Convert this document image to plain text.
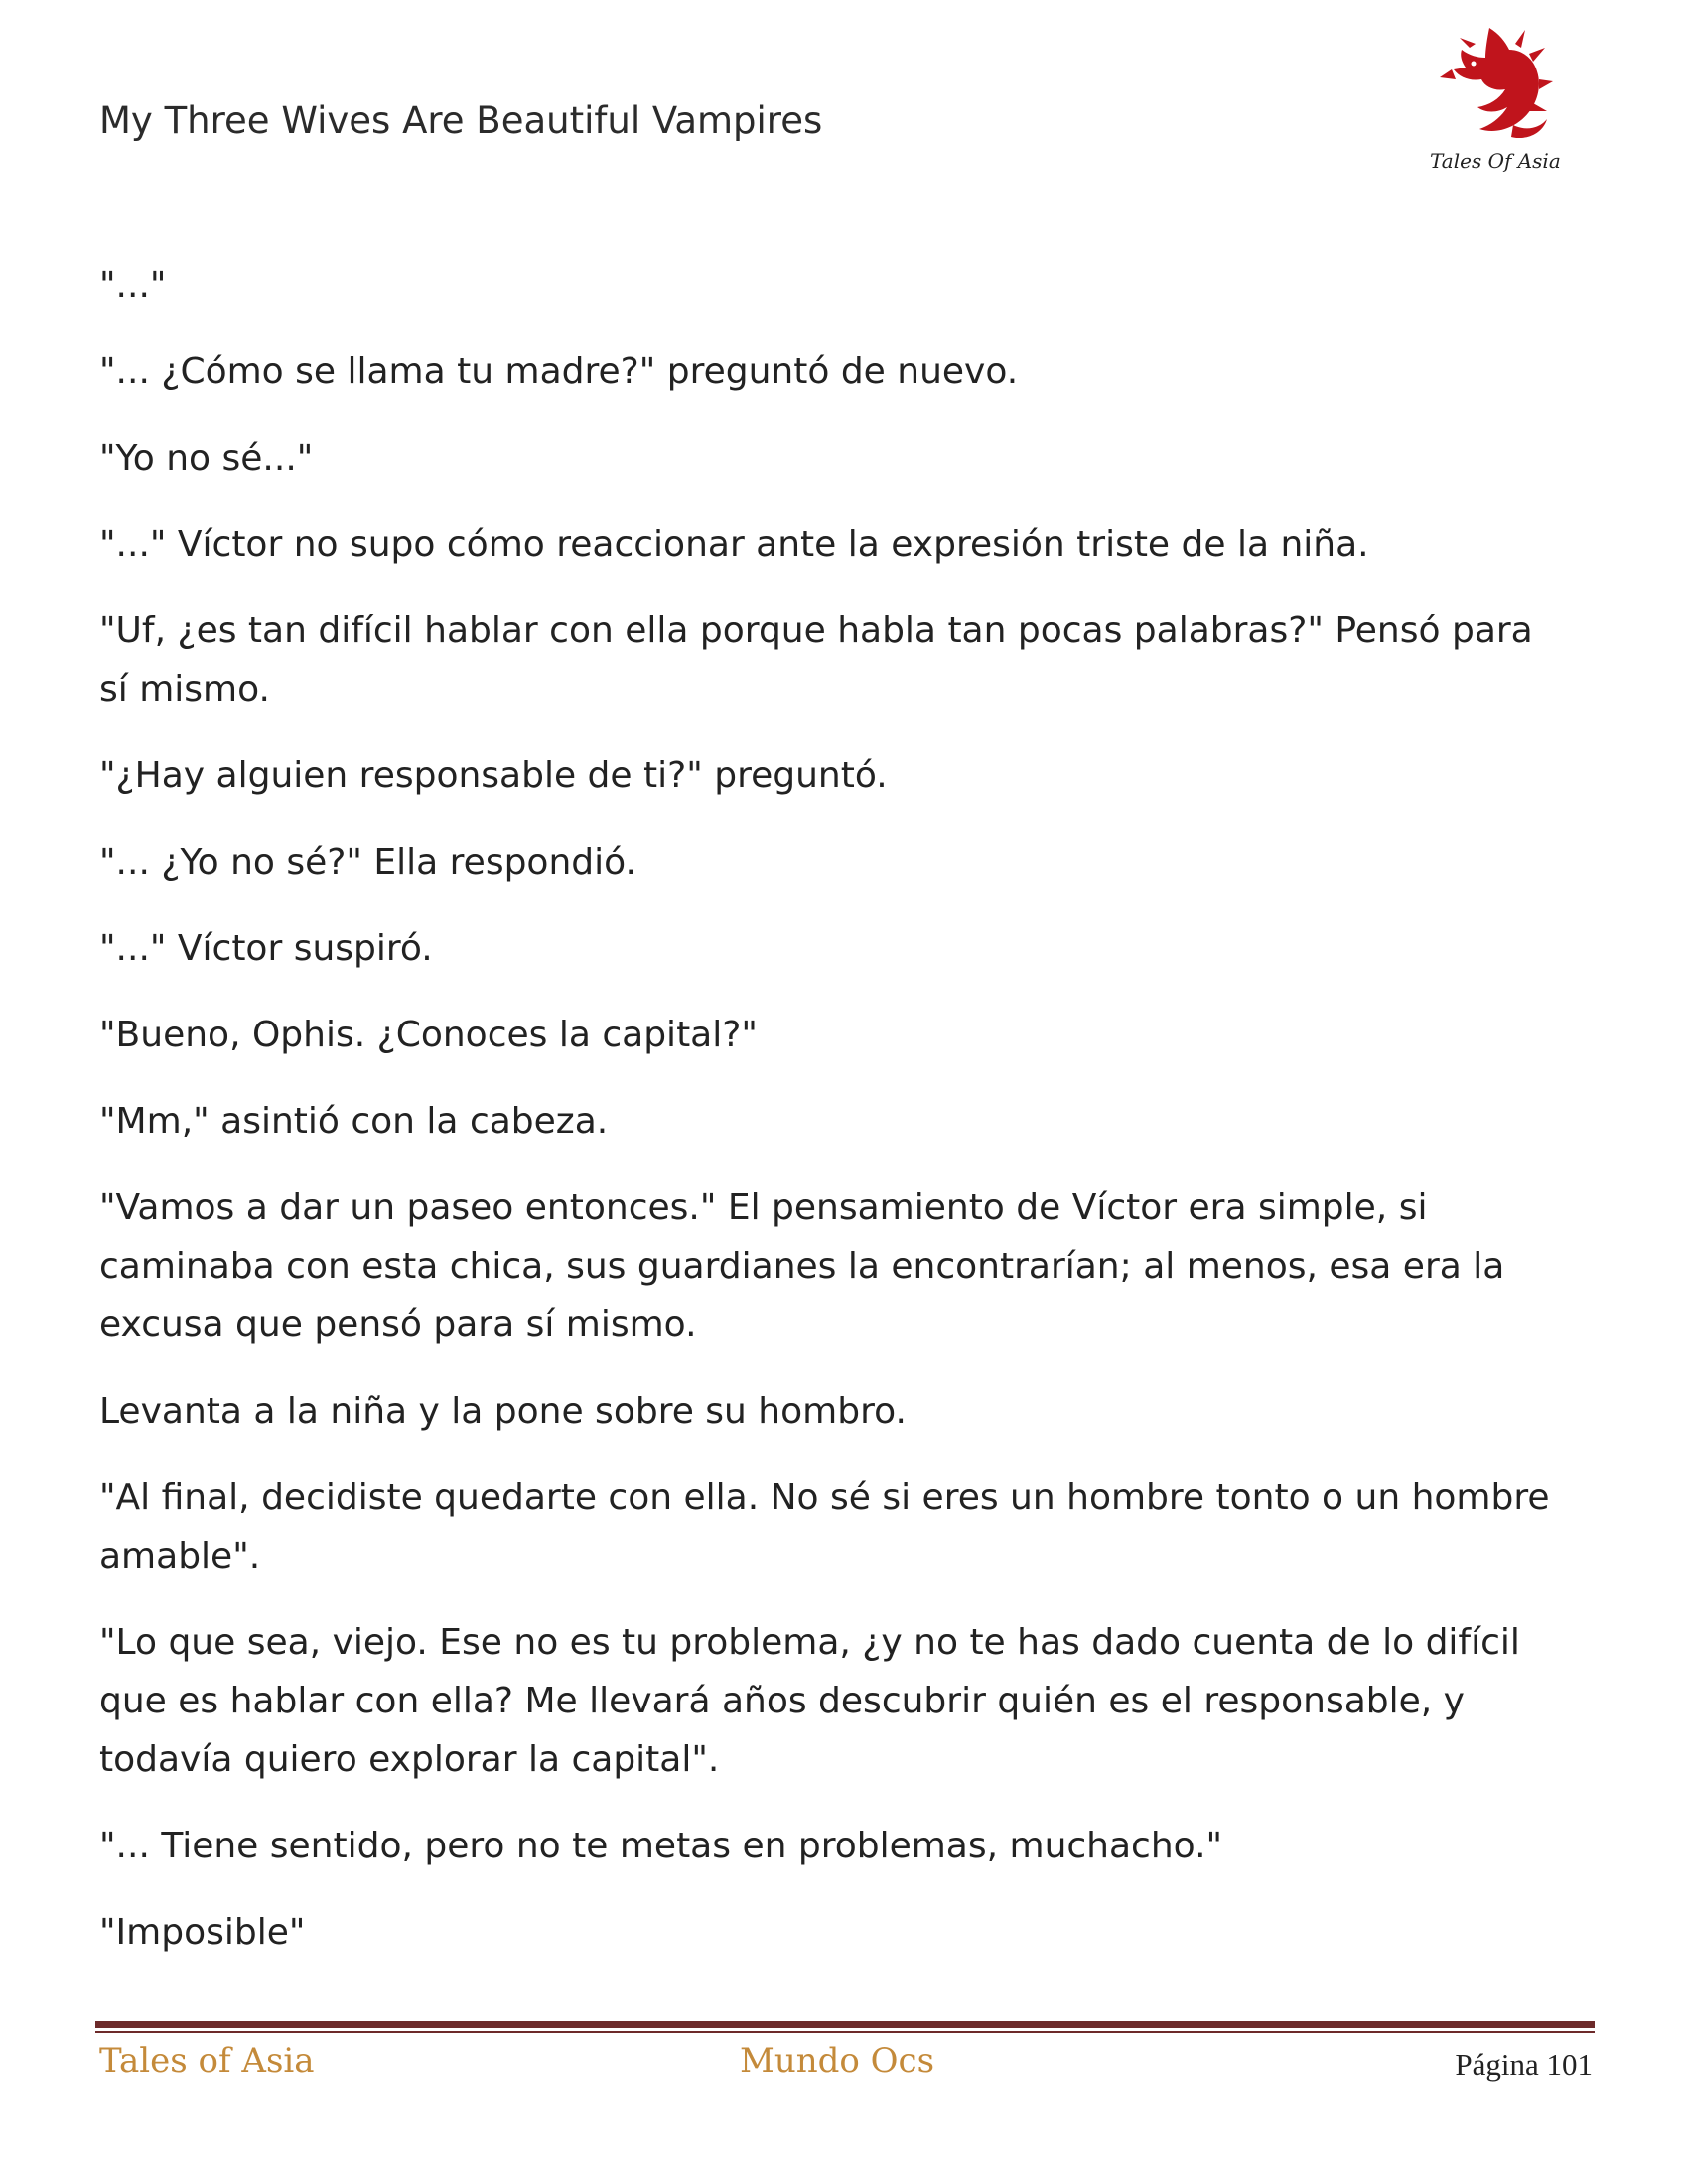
My Three Wives Are Beautiful Vampires
Tales Of Asia

"..."

"... ¿Cómo se llama tu madre?" preguntó de nuevo.

"Yo no sé..."

"..." Víctor no supo cómo reaccionar ante la expresión triste de la niña.

"Uf, ¿es tan difícil hablar con ella porque habla tan pocas palabras?" Pensó para sí mismo.

"¿Hay alguien responsable de ti?" preguntó.

"... ¿Yo no sé?" Ella respondió.

"..." Víctor suspiró.

"Bueno, Ophis. ¿Conoces la capital?"

"Mm," asintió con la cabeza.

"Vamos a dar un paseo entonces." El pensamiento de Víctor era simple, si caminaba con esta chica, sus guardianes la encontrarían; al menos, esa era la excusa que pensó para sí mismo.

Levanta a la niña y la pone sobre su hombro.

"Al final, decidiste quedarte con ella. No sé si eres un hombre tonto o un hombre amable".

"Lo que sea, viejo. Ese no es tu problema, ¿y no te has dado cuenta de lo difícil que es hablar con ella? Me llevará años descubrir quién es el responsable, y todavía quiero explorar la capital".

"... Tiene sentido, pero no te metas en problemas, muchacho."

"Imposible"

Tales of Asia	Mundo Ocs	Página 101
